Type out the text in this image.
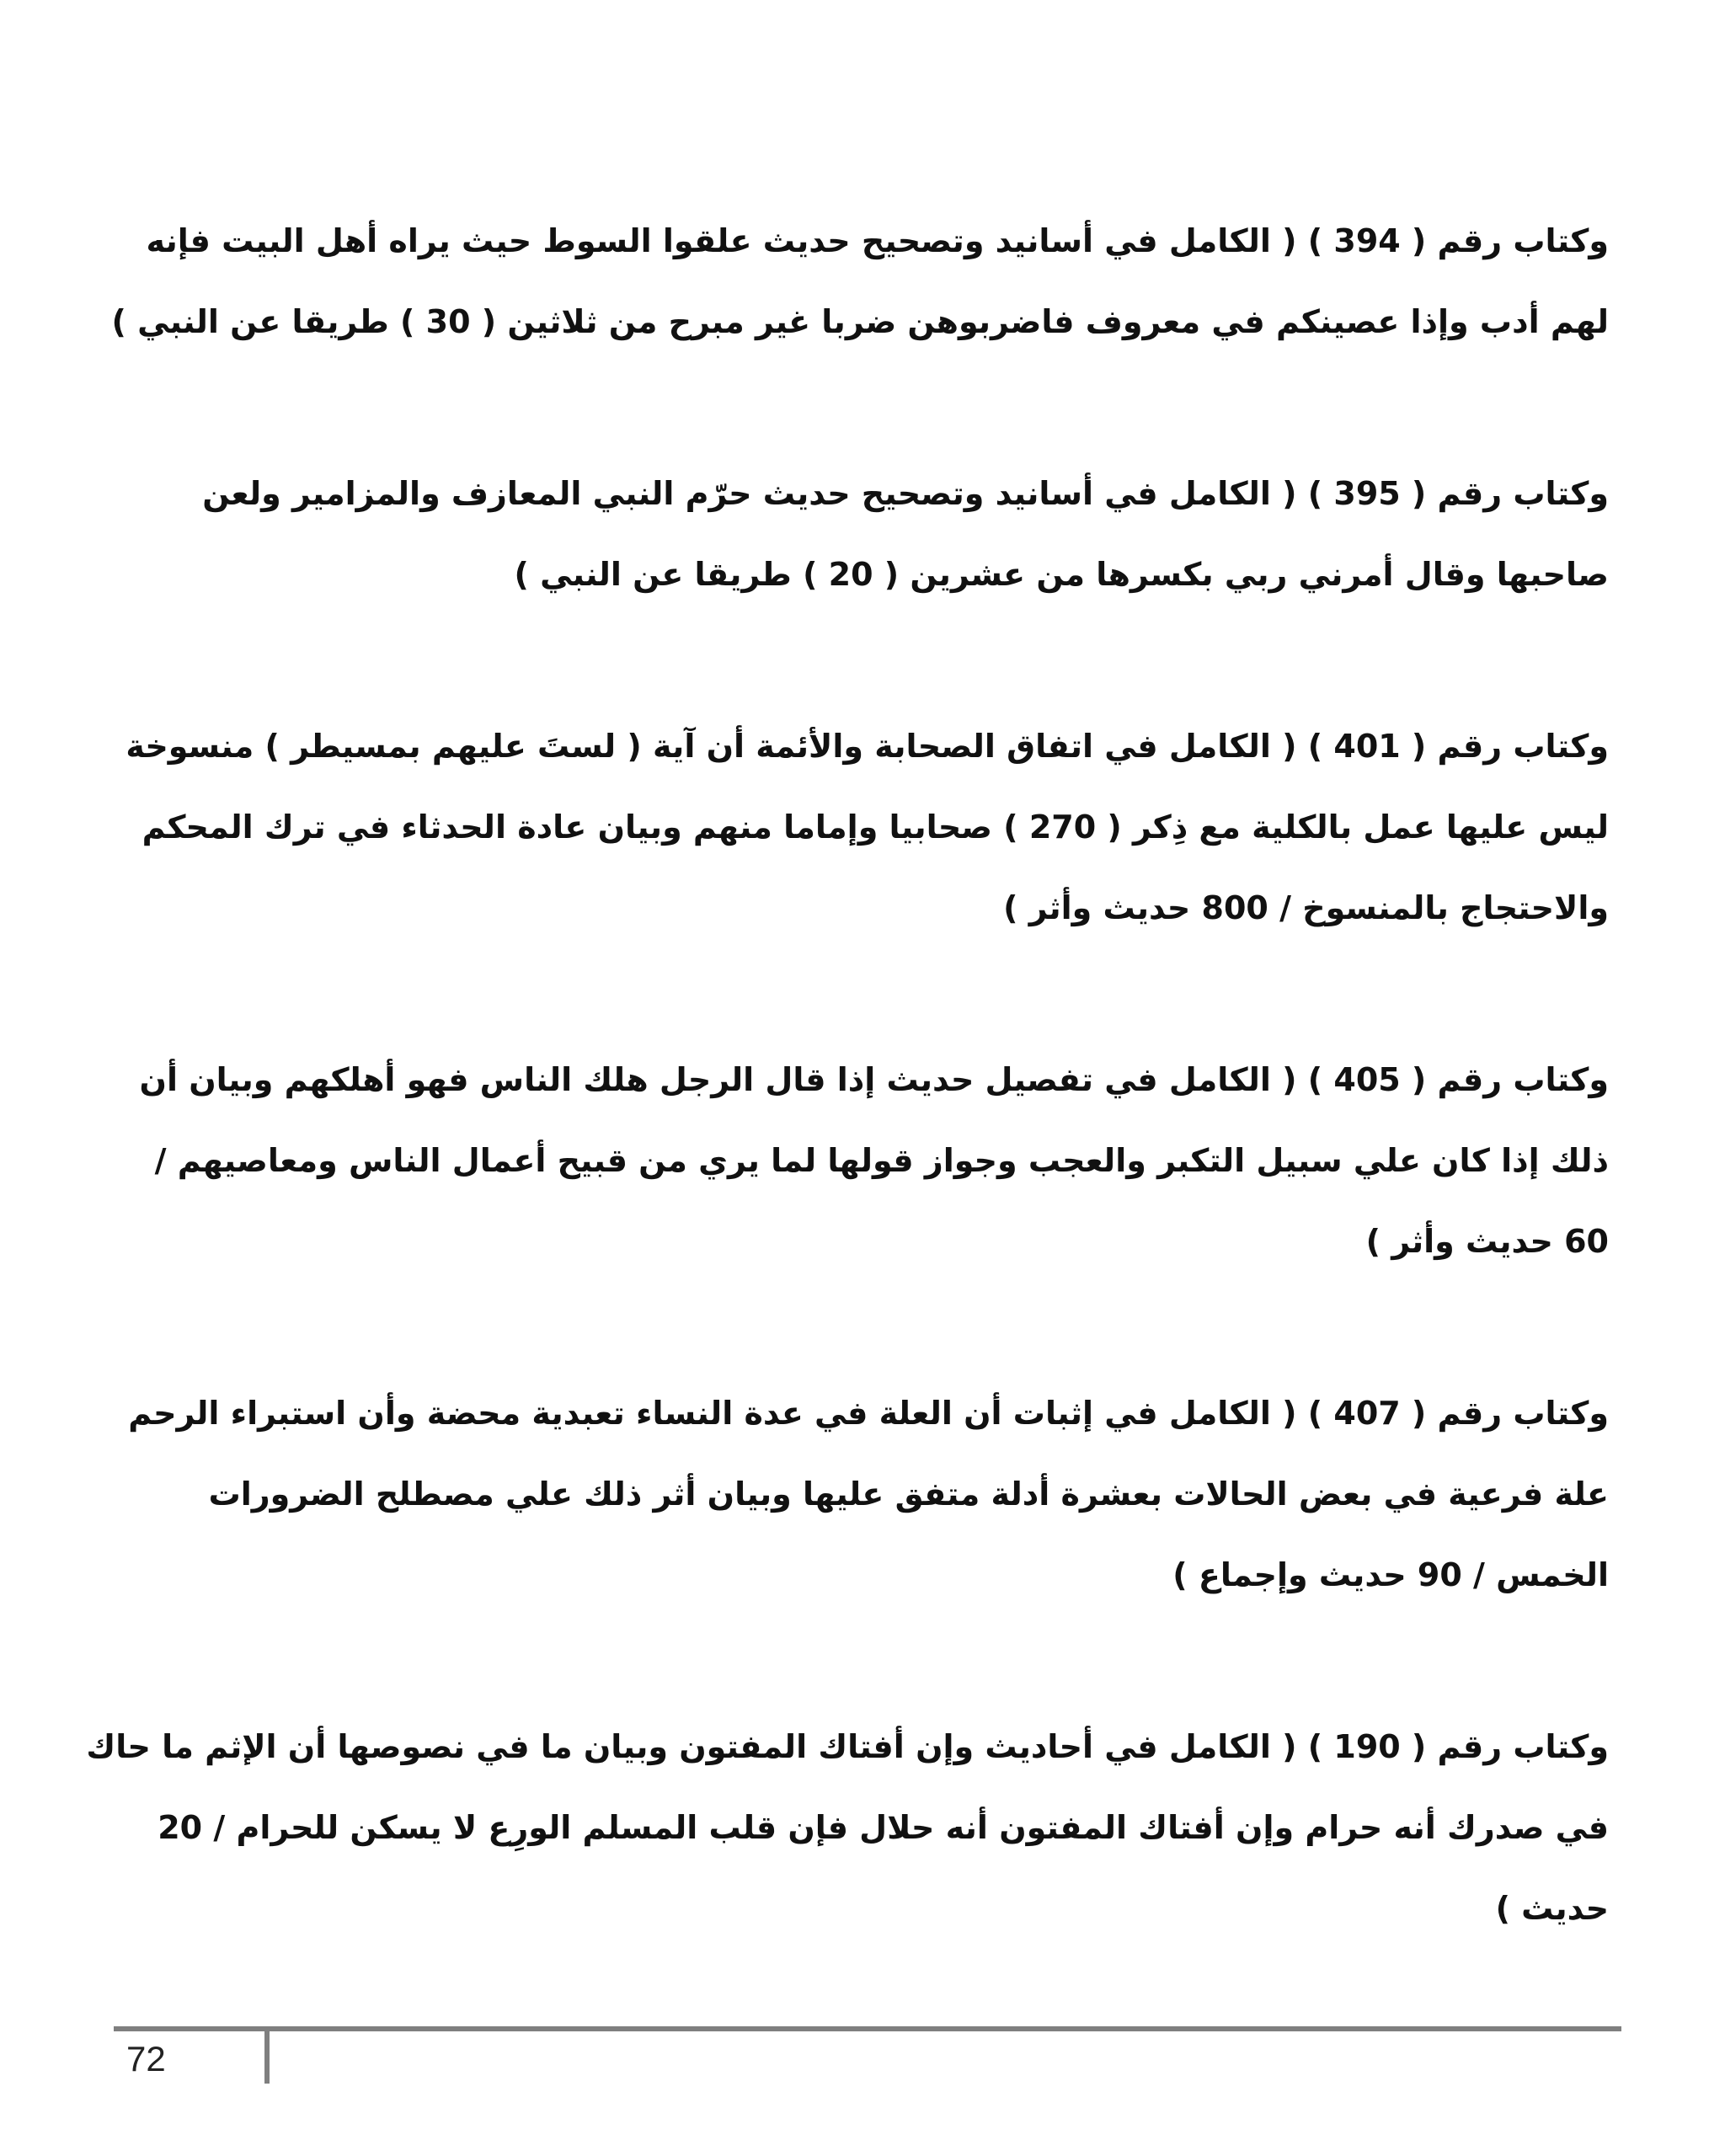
وكتاب رقم ( 394 ) ( الكامل في أسانيد وتصحيح حديث علقوا السوط حيث يراه أهل البيت فإنه
لهم أدب وإذا عصينكم في معروف فاضربوهن ضربا غير مبرح من ثلاثين ( 30 ) طريقا عن النبي )
وكتاب رقم ( 395 ) ( الكامل في أسانيد وتصحيح حديث حرّم النبي المعازف والمزامير ولعن
صاحبها وقال أمرني ربي بكسرها من عشرين ( 20 ) طريقا عن النبي )
وكتاب رقم ( 401 ) ( الكامل في اتفاق الصحابة والأئمة أن آية ( لستَ عليهم بمسيطر ) منسوخة
ليس عليها عمل بالكلية مع ذِكر ( 270 ) صحابيا وإماما منهم وبيان عادة الحدثاء في ترك المحكم
والاحتجاج بالمنسوخ / 800 حديث وأثر )
وكتاب رقم ( 405 ) ( الكامل في تفصيل حديث إذا قال الرجل هلك الناس فهو أهلكهم وبيان أن
ذلك إذا كان علي سبيل التكبر والعجب وجواز قولها لما يري من قبيح أعمال الناس ومعاصيهم /
60 حديث وأثر )
وكتاب رقم ( 407 ) ( الكامل في إثبات أن العلة في عدة النساء تعبدية محضة وأن استبراء الرحم
علة فرعية في بعض الحالات بعشرة أدلة متفق عليها وبيان أثر ذلك علي مصطلح الضرورات
الخمس / 90 حديث وإجماع )
وكتاب رقم ( 190 ) ( الكامل في أحاديث وإن أفتاك المفتون وبيان ما في نصوصها أن الإثم ما حاك
في صدرك أنه حرام وإن أفتاك المفتون أنه حلال فإن قلب المسلم الورِع لا يسكن للحرام / 20
حديث )
72
